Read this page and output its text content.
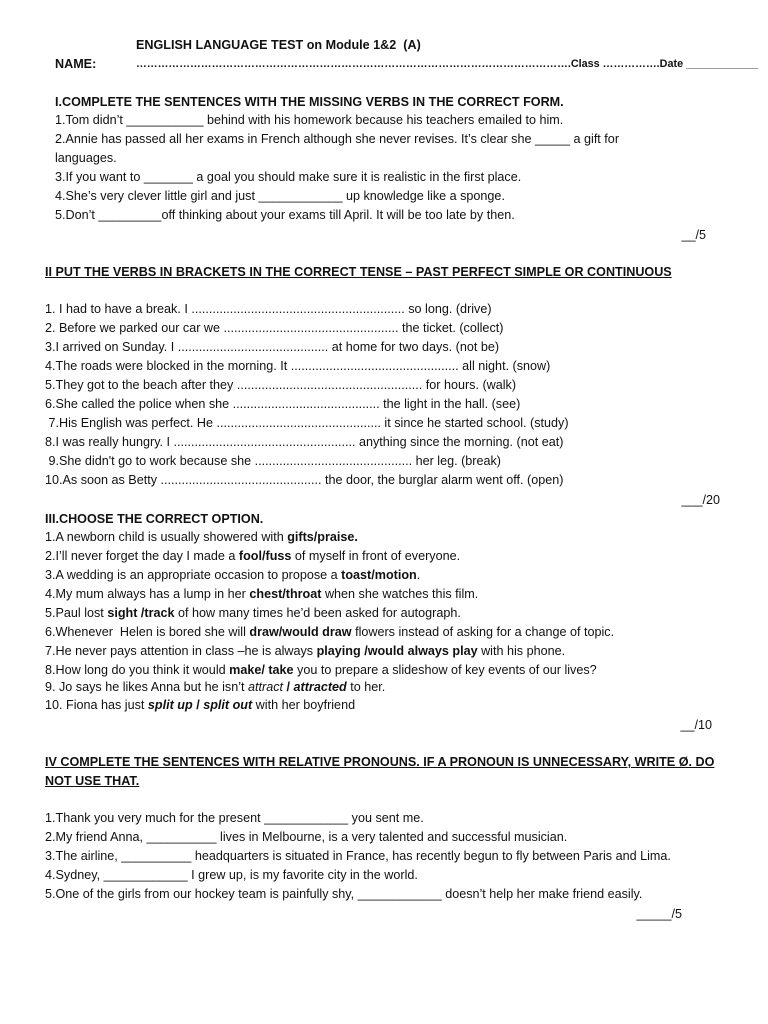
ENGLISH LANGUAGE TEST on Module 1&2  (A)
NAME:	………………………………………………………………………………………………………….Class …………….Date ____________
I.COMPLETE THE SENTENCES WITH THE MISSING VERBS IN THE CORRECT FORM.
1.Tom didn’t ___________ behind with his homework because his teachers emailed to him.
2.Annie has passed all her exams in French although she never revises. It’s clear she _____ a gift for
languages.
3.If you want to _______ a goal you should make sure it is realistic in the first place.
4.She’s very clever little girl and just ____________ up knowledge like a sponge.
5.Don’t _________off thinking about your exams till April. It will be too late by then.
__/5
II PUT THE VERBS IN BRACKETS IN THE CORRECT TENSE – PAST PERFECT SIMPLE OR CONTINUOUS
1. I had to have a break. I ............................................................. so long. (drive)
2. Before we parked our car we .................................................. the ticket. (collect)
3.I arrived on Sunday. I ........................................... at home for two days. (not be)
4.The roads were blocked in the morning. It ................................................ all night. (snow)
5.They got to the beach after they ..................................................... for hours. (walk)
6.She called the police when she .......................................... the light in the hall. (see)
7.His English was perfect. He ............................................... it since he started school. (study)
8.I was really hungry. I .................................................... anything since the morning. (not eat)
9.She didn't go to work because she ............................................. her leg. (break)
10.As soon as Betty .............................................. the door, the burglar alarm went off. (open)
___/20
III.CHOOSE THE CORRECT OPTION.
1.A newborn child is usually showered with gifts/praise.
2.I’ll never forget the day I made a fool/fuss of myself in front of everyone.
3.A wedding is an appropriate occasion to propose a toast/motion.
4.My mum always has a lump in her chest/throat when she watches this film.
5.Paul lost sight /track of how many times he’d been asked for autograph.
6.Whenever  Helen is bored she will draw/would draw flowers instead of asking for a change of topic.
7.He never pays attention in class –he is always playing /would always play with his phone.
8.How long do you think it would make/ take you to prepare a slideshow of key events of our lives?
9. Jo says he likes Anna but he isn’t attract / attracted to her.
10. Fiona has just split up / split out with her boyfriend
__/10
IV COMPLETE THE SENTENCES WITH RELATIVE PRONOUNS. IF A PRONOUN IS UNNECESSARY, WRITE Ø. DO
NOT USE THAT.
1.Thank you very much for the present ____________ you sent me.
2.My friend Anna, __________ lives in Melbourne, is a very talented and successful musician.
3.The airline, __________ headquarters is situated in France, has recently begun to fly between Paris and Lima.
4.Sydney, ____________ I grew up, is my favorite city in the world.
5.One of the girls from our hockey team is painfully shy, ____________ doesn’t help her make friend easily.
_____/5
